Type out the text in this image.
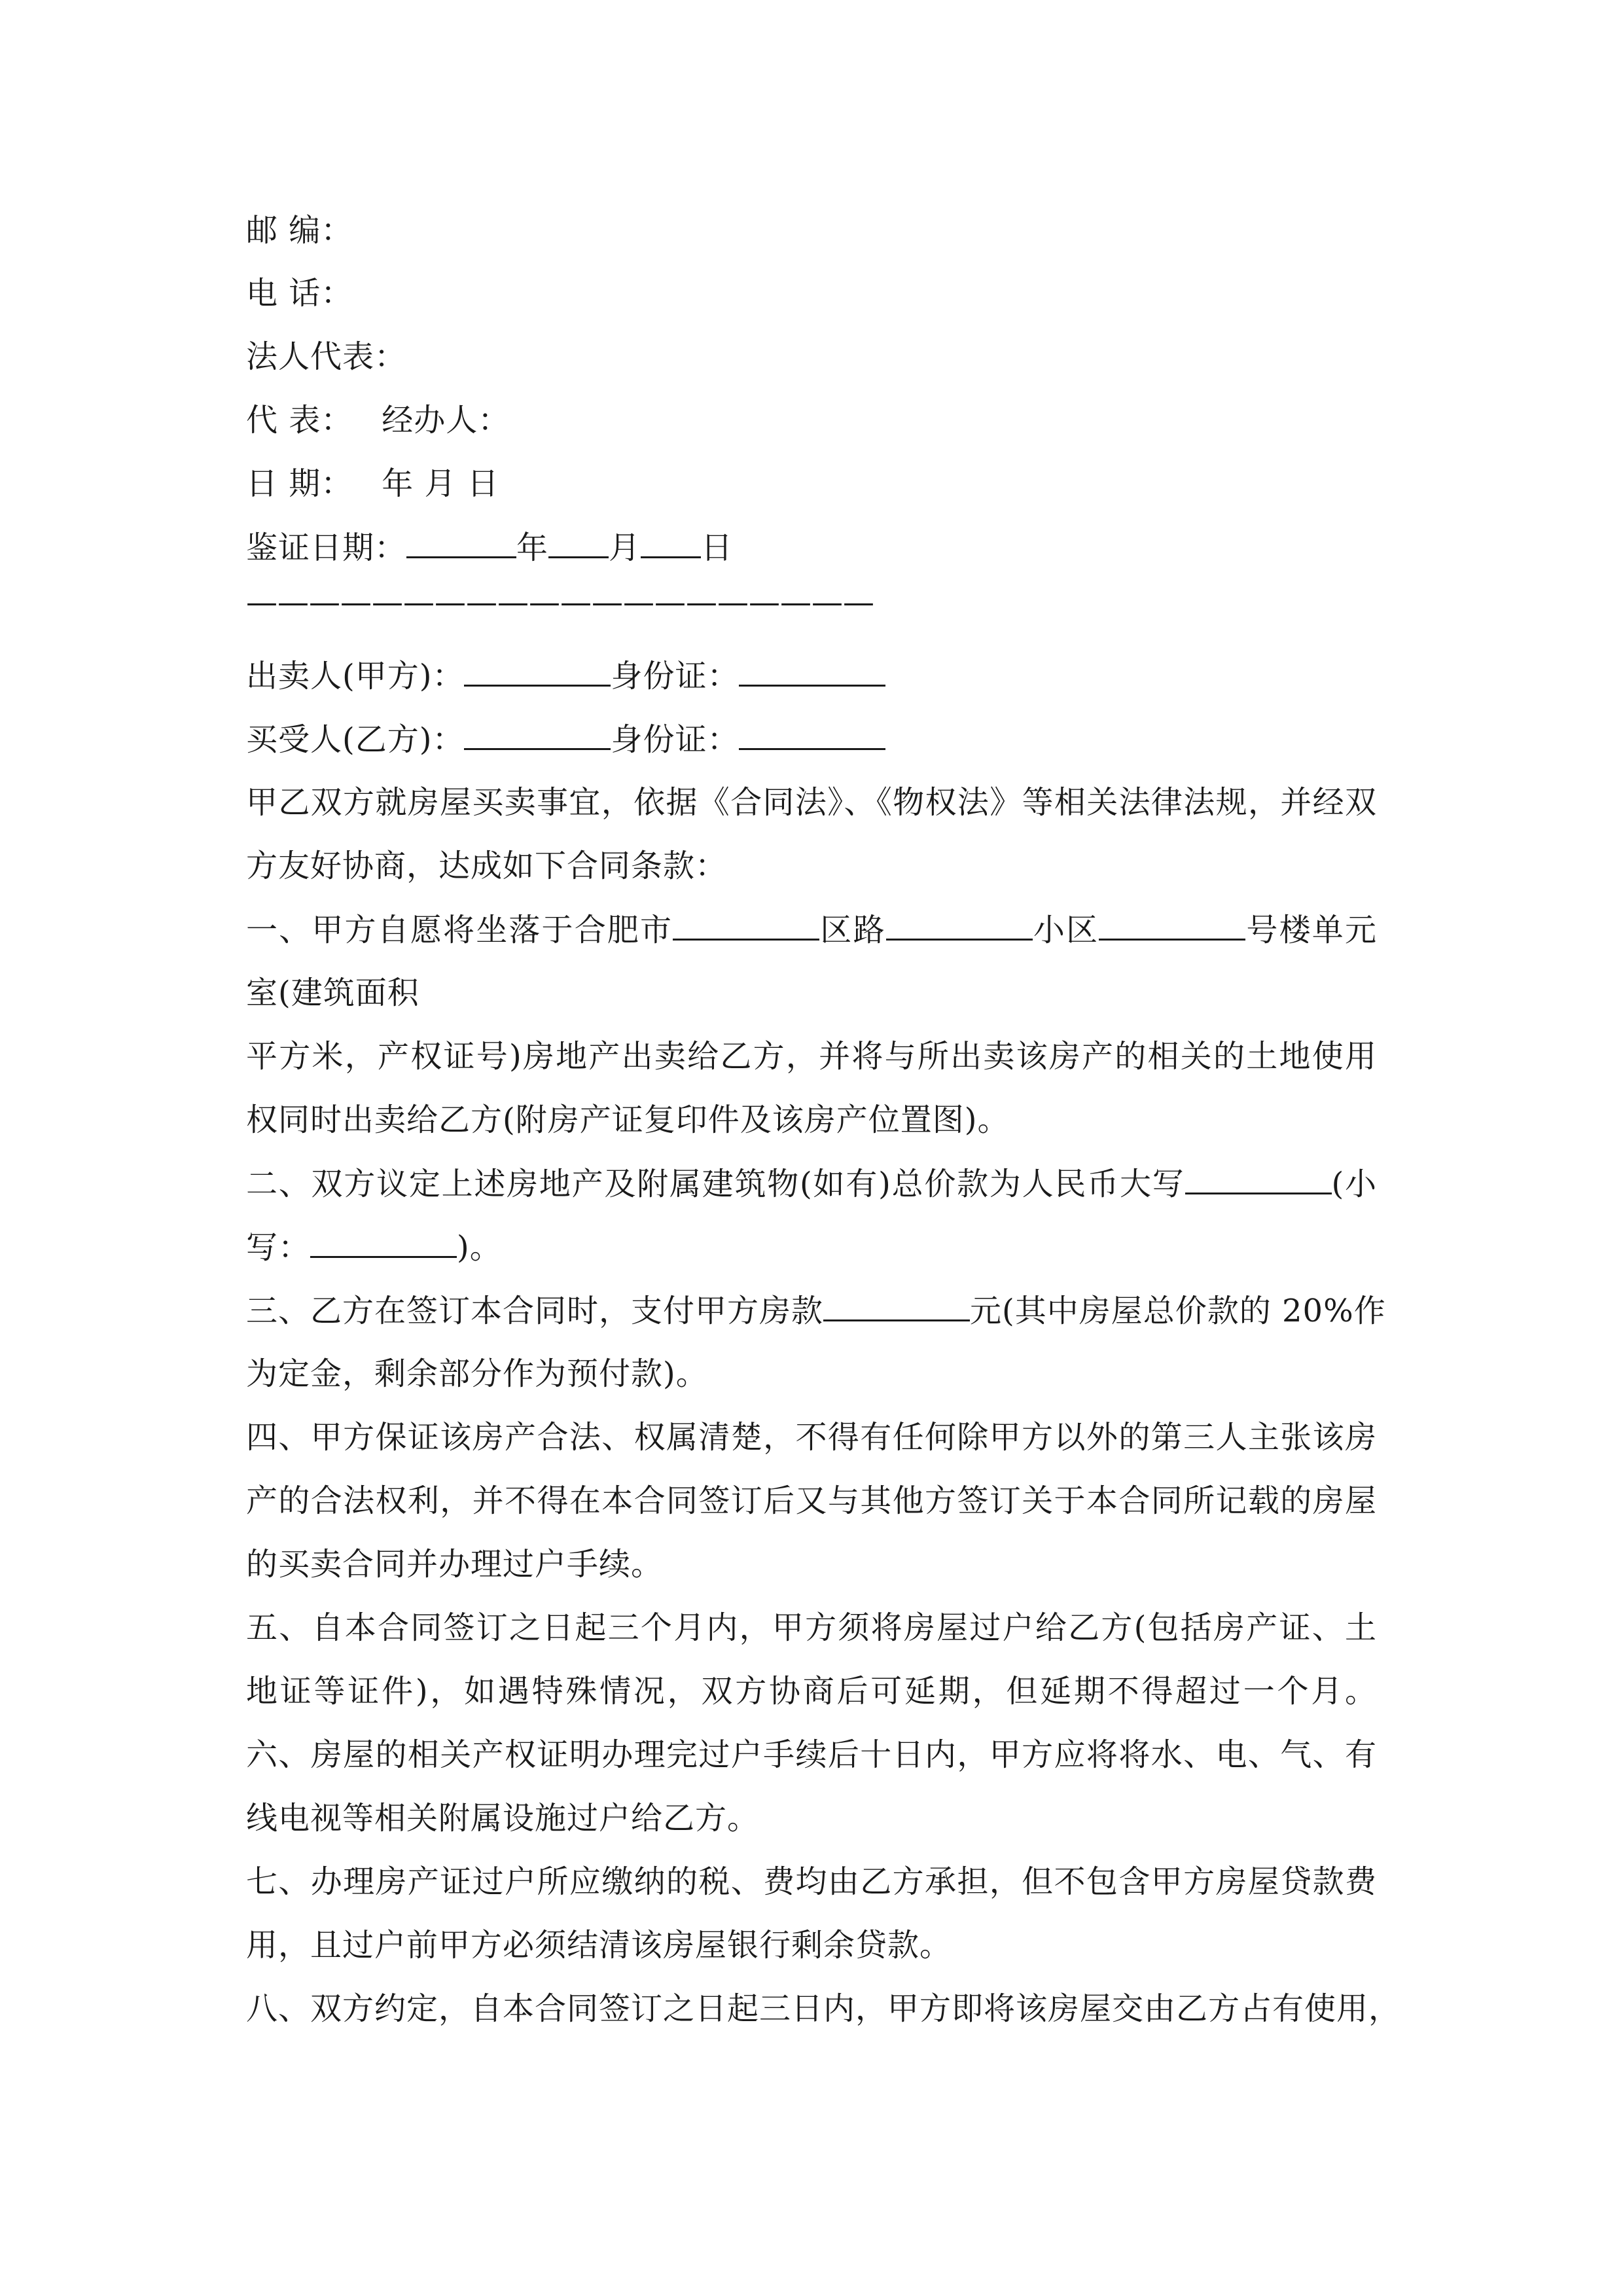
邮 编：
电 话：
法人代表：
代 表： 经办人：
日 期： 年 月 日
鉴证日期：	年 月 日
————————————————————
出卖人(甲方)：	身份证：
买受人(乙方)：	身份证：
甲乙双方就房屋买卖事宜，依据《合同法》、《物权法》等相关法律法规，并经双
方友好协商，达成如下合同条款：
一、甲方自愿将坐落于合肥市	区路	小区	号楼单元
室(建筑面积
平方米，产权证号)房地产出卖给乙方，并将与所出卖该房产的相关的土地使用
权同时出卖给乙方(附房产证复印件及该房产位置图)。
二、双方议定上述房地产及附属建筑物(如有)总价款为人民币大写	(小
写：	)。
三、乙方在签订本合同时，支付甲方房款	元(其中房屋总价款的 20%作
为定金，剩余部分作为预付款)。
四、甲方保证该房产合法、权属清楚，不得有任何除甲方以外的第三人主张该房
产的合法权利，并不得在本合同签订后又与其他方签订关于本合同所记载的房屋
的买卖合同并办理过户手续。
五、自本合同签订之日起三个月内，甲方须将房屋过户给乙方(包括房产证、土
地证等证件)，如遇特殊情况，双方协商后可延期，但延期不得超过一个月。
六、房屋的相关产权证明办理完过户手续后十日内，甲方应将将水、电、气、有
线电视等相关附属设施过户给乙方。
七、办理房产证过户所应缴纳的税、费均由乙方承担，但不包含甲方房屋贷款费
用，且过户前甲方必须结清该房屋银行剩余贷款。
八、双方约定，自本合同签订之日起三日内，甲方即将该房屋交由乙方占有使用，
